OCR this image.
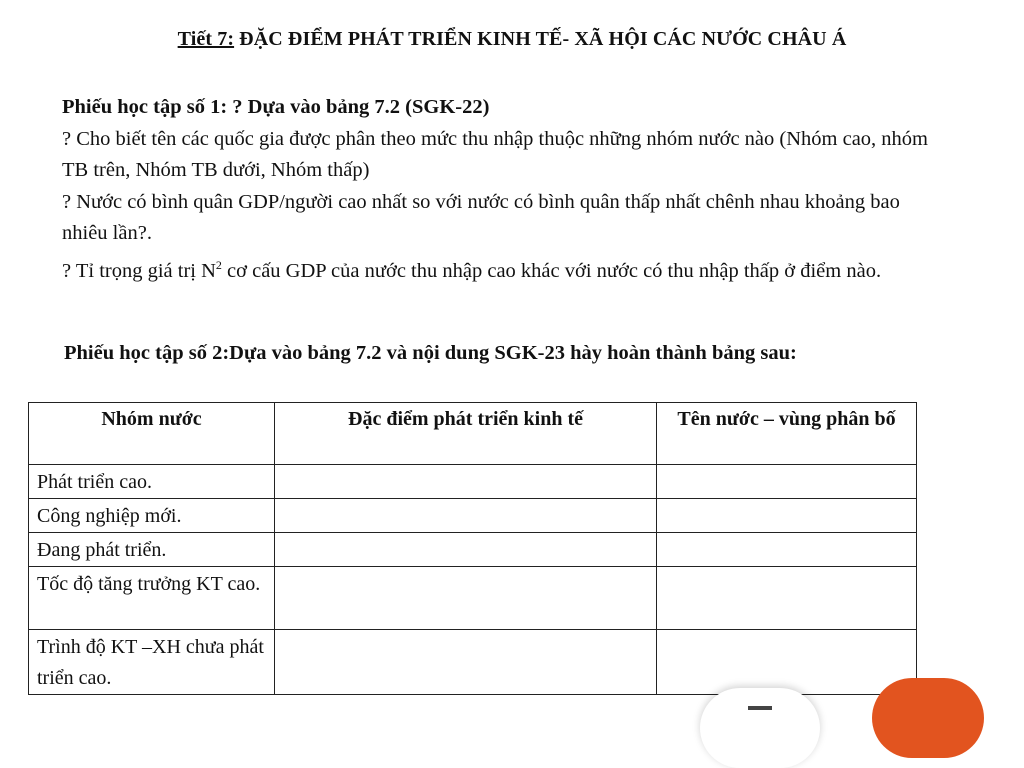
Tiết 7: ĐẶC ĐIỂM PHÁT TRIỂN KINH TẾ- XÃ HỘI CÁC NƯỚC CHÂU Á
Phiếu học tập số 1: ? Dựa vào bảng 7.2 (SGK-22)
? Cho biết tên các quốc gia được phân theo mức thu nhập thuộc những nhóm nước nào (Nhóm cao, nhóm TB trên, Nhóm TB dưới, Nhóm thấp)
? Nước có bình quân GDP/người cao nhất so với nước có bình quân thấp nhất chênh nhau khoảng bao nhiêu lần?.
? Tỉ trọng giá trị $N^2$ cơ cấu GDP của nước thu nhập cao khác với nước có thu nhập thấp ở điểm nào.
Phiếu học tập số 2:Dựa vào bảng 7.2 và nội dung SGK-23 hày hoàn thành bảng sau:
Nhóm nước	Đặc điểm phát triển kinh tế	Tên nước – vùng phân bố
Phát triển cao.		
Công nghiệp mới.		
Đang phát triển.		
Tốc độ tăng trưởng KT cao.		
Trình độ KT –XH chưa phát triển cao.		
